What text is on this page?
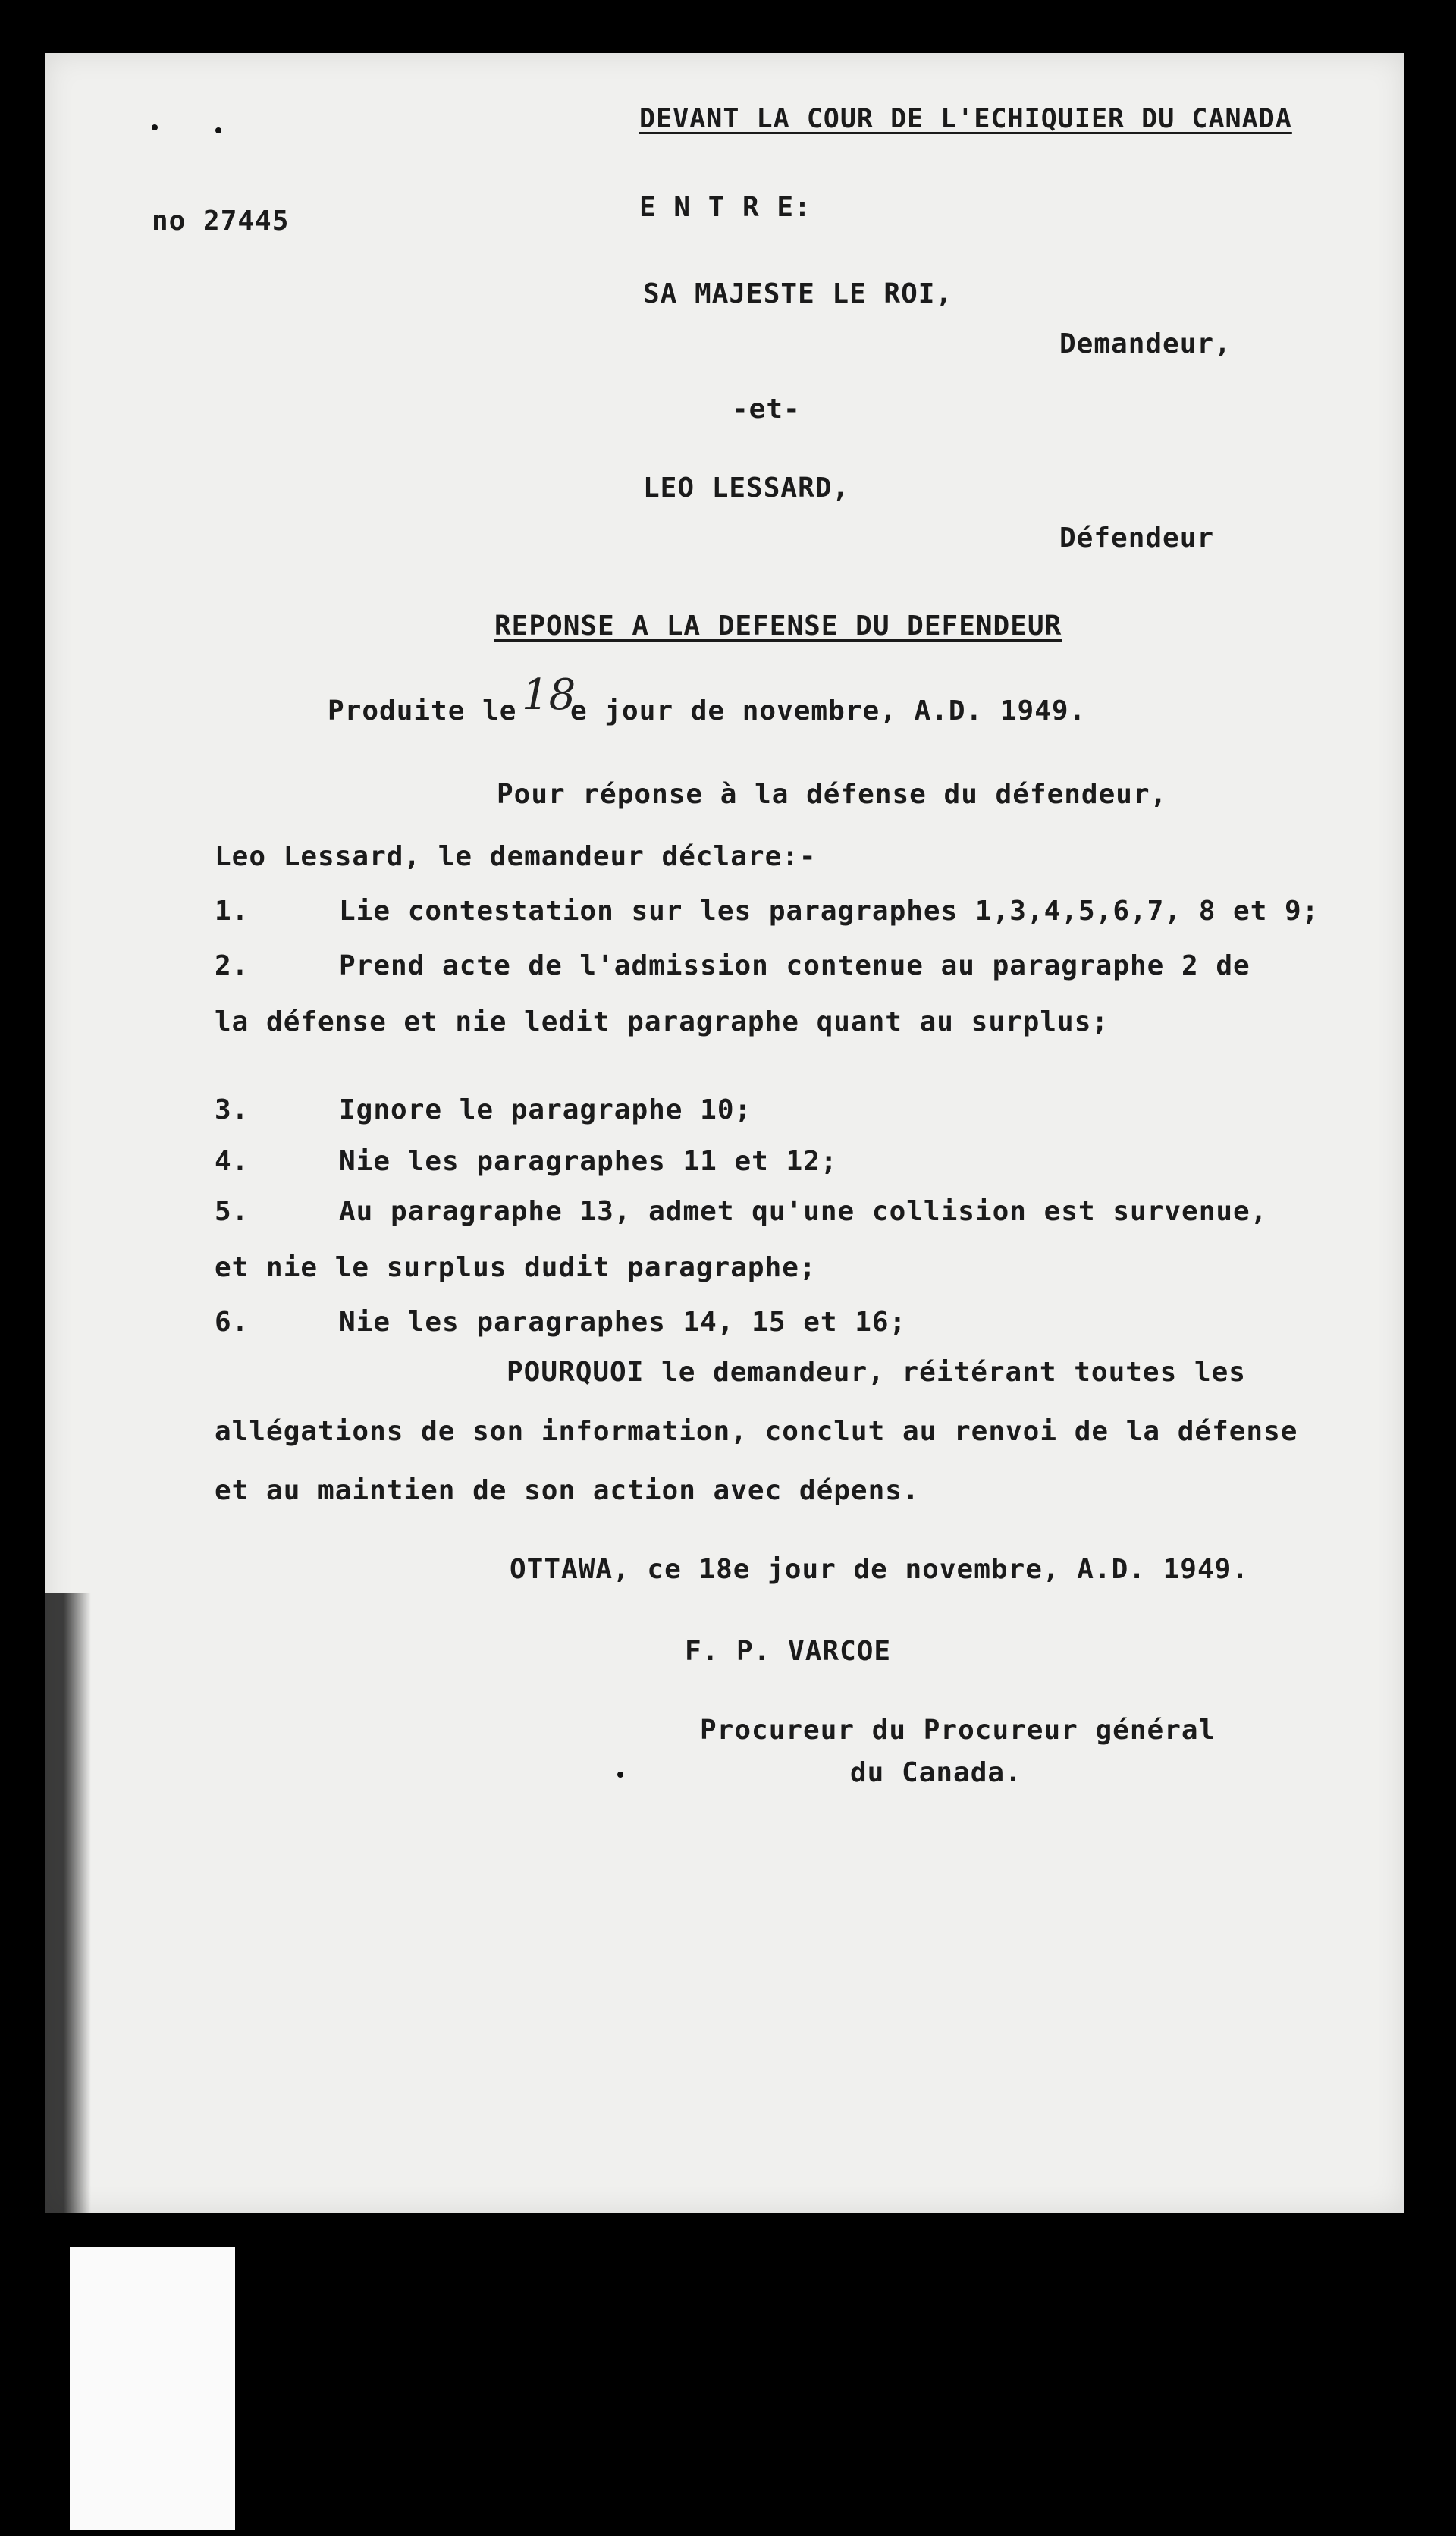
DEVANT LA COUR DE L'ECHIQUIER DU CANADA
no 27445	E N T R E:
SA MAJESTE LE ROI,
Demandeur,
-et-
LEO LESSARD,
Défendeur
REPONSE A LA DEFENSE DU DEFENDEUR
Produite le 18
e jour de novembre, A.D. 1949.
Pour réponse à la défense du défendeur,
Leo Lessard, le demandeur déclare:-
1.	Lie contestation sur les paragraphes 1,3,4,5,6,7, 8 et 9;
2.	Prend acte de l'admission contenue au paragraphe 2 de
la défense et nie ledit paragraphe quant au surplus;
3.	Ignore le paragraphe 10;
4.	Nie les paragraphes 11 et 12;
5.	Au paragraphe 13, admet qu'une collision est survenue,
et nie le surplus dudit paragraphe;
6.	Nie les paragraphes 14, 15 et 16;
POURQUOI le demandeur, réitérant toutes les
allégations de son information, conclut au renvoi de la défense
et au maintien de son action avec dépens.
OTTAWA, ce 18e jour de novembre, A.D. 1949.
F. P. VARCOE
Procureur du Procureur général
du Canada.
